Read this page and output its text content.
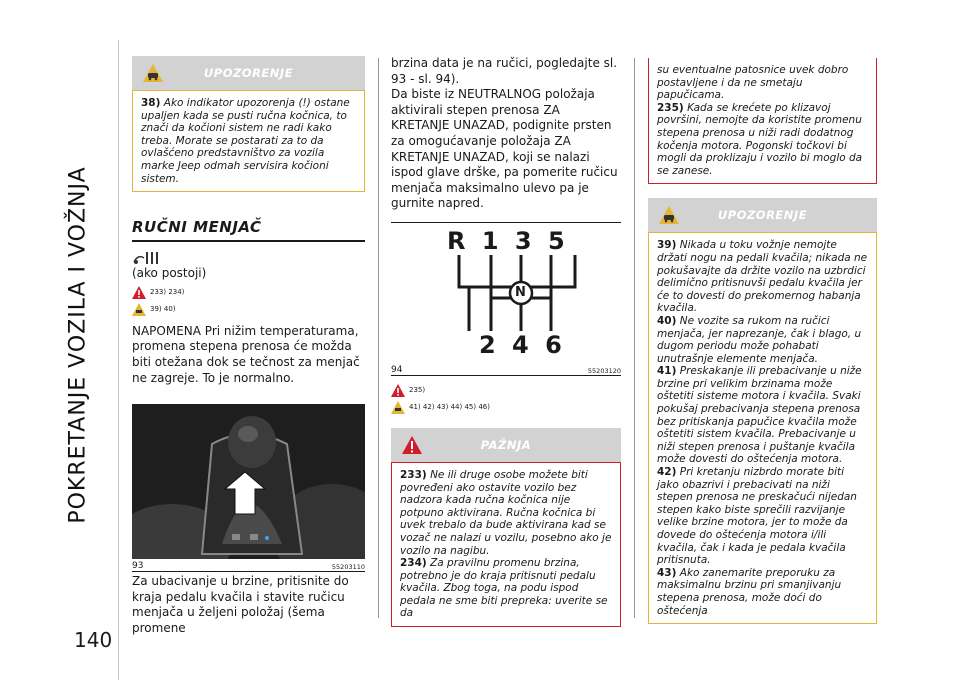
POKRETANJE VOZILA I VOŽNJA
140
UPOZORENJE
38) Ako indikator upozorenja (!) ostane upaljen kada se pusti ručna kočnica, to znači da kočioni sistem ne radi kako treba. Morate se postarati za to da ovlašćeno predstavništvo za vozila marke Jeep odmah servisira kočioni sistem.
RUČNI MENJAČ
(ako postoji)
233) 234)
39) 40)
NAPOMENA Pri nižim temperaturama, promena stepena prenosa će možda biti otežana dok se tečnost za menjač ne zagreje. To je normalno.
93	55203110
Za ubacivanje u brzine, pritisnite do kraja pedalu kvačila i stavite ručicu menjača u željeni položaj (šema promene
brzina data je na ručici, pogledajte sl. 93 - sl. 94).
Da biste iz NEUTRALNOG položaja aktivirali stepen prenosa ZA KRETANJE UNAZAD, podignite prsten za omogućavanje položaja ZA KRETANJE UNAZAD, koji se nalazi ispod glave drške, pa pomerite ručicu menjača maksimalno ulevo pa je gurnite napred.
R 1 3 5
N
2 4 6
94	55203120
235)
41) 42) 43) 44) 45) 46)
PAŽNJA
233) Ne ili druge osobe možete biti povređeni ako ostavite vozilo bez nadzora kada ručna kočnica nije potpuno aktivirana. Ručna kočnica bi uvek trebalo da bude aktivirana kad se vozač ne nalazi u vozilu, posebno ako je vozilo na nagibu.
234) Za pravilnu promenu brzina, potrebno je do kraja pritisnuti pedalu kvačila. Zbog toga, na podu ispod pedala ne sme biti prepreka: uverite se da
su eventualne patosnice uvek dobro postavljene i da ne smetaju papučicama.
235) Kada se krećete po klizavoj površini, nemojte da koristite promenu stepena prenosa u niži radi dodatnog kočenja motora. Pogonski točkovi bi mogli da proklizaju i vozilo bi moglo da se zanese.
UPOZORENJE
39) Nikada u toku vožnje nemojte držati nogu na pedali kvačila; nikada ne pokušavajte da držite vozilo na uzbrdici delimično pritisnuvši pedalu kvačila jer će to dovesti do prekomernog habanja kvačila.
40) Ne vozite sa rukom na ručici menjača, jer naprezanje, čak i blago, u dugom periodu može pohabati unutrašnje elemente menjača.
41) Preskakanje ili prebacivanje u niže brzine pri velikim brzinama može oštetiti sisteme motora i kvačila. Svaki pokušaj prebacivanja stepena prenosa bez pritiskanja papučice kvačila može oštetiti sistem kvačila. Prebacivanje u niži stepen prenosa i puštanje kvačila može dovesti do oštećenja motora.
42) Pri kretanju nizbrdo morate biti jako obazrivi i prebacivati na niži stepen prenosa ne preskačući nijedan stepen kako biste sprečili razvijanje velike brzine motora, jer to može da dovede do oštećenja motora i/ili kvačila, čak i kada je pedala kvačila pritisnuta.
43) Ako zanemarite preporuku za maksimalnu brzinu pri smanjivanju stepena prenosa, može doći do oštećenja
